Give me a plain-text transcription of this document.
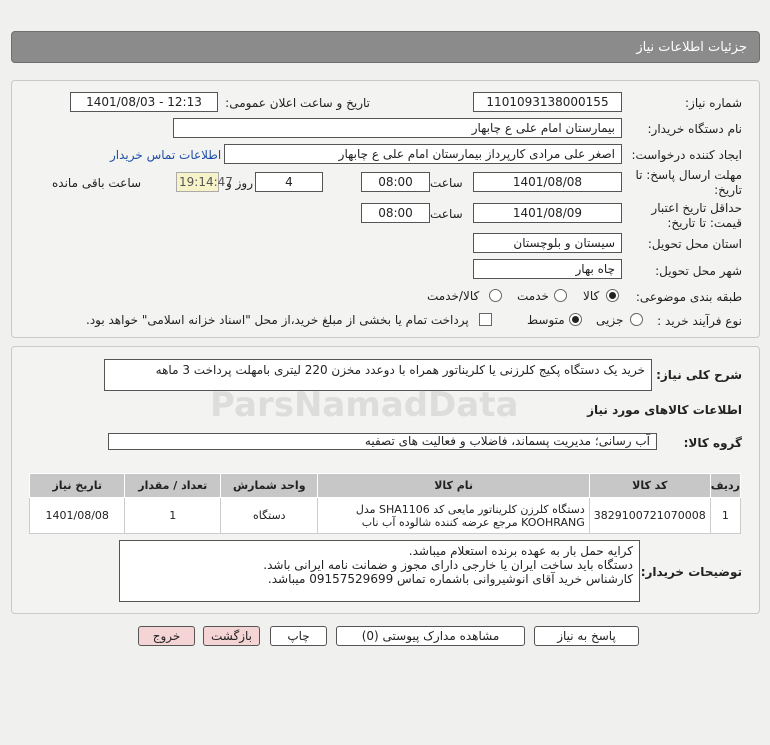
جزئیات اطلاعات نیاز
شماره نیاز:
1101093138000155
تاریخ و ساعت اعلان عمومی:
1401/08/03 - 12:13
نام دستگاه خریدار:
بیمارستان امام علی ع چابهار
ایجاد کننده درخواست:
اصغر علی مرادی کارپرداز بیمارستان امام علی ع چابهار
اطلاعات تماس خریدار
مهلت ارسال پاسخ: تا
تاریخ:
1401/08/08
ساعت
08:00
4
روز و
19:14:47
ساعت باقی مانده
حداقل تاریخ اعتبار
قیمت: تا تاریخ:
1401/08/09
ساعت
08:00
استان محل تحویل:
سیستان و بلوچستان
شهر محل تحویل:
چاه بهار
طبقه بندی موضوعی:
کالا
خدمت
کالا/خدمت
نوع فرآیند خرید :
جزیی
متوسط
پرداخت تمام یا بخشی از مبلغ خرید،از محل "اسناد خزانه اسلامی" خواهد بود.
شرح کلی نیاز:
خرید یک دستگاه پکیج کلرزنی یا کلریناتور همراه با دوعدد مخزن 220 لیتری بامهلت پرداخت 3 ماهه
اطلاعات کالاهای مورد نیاز
گروه کالا:
آب رسانی؛ مدیریت پسماند، فاضلاب و فعالیت های تصفیه
ردیف	کد کالا	نام کالا	واحد شمارش	تعداد / مقدار	تاریخ نیاز
1	3829100721070008	دستگاه کلرزن کلریناتور مایعی کد SHA1106 مدل KOOHRANG مرجع عرضه کننده شالوده آب ناب	دستگاه	1	1401/08/08
توضیحات خریدار:
کرایه حمل بار به عهده برنده استعلام میباشد.
دستگاه باید ساخت ایران یا خارجی دارای مجوز و ضمانت نامه ایرانی باشد.
کارشناس خرید آقای انوشیروانی باشماره تماس 09157529699 میباشد.
پاسخ به نیاز
مشاهده مدارک پیوستی (0)
چاپ
بازگشت
خروج
